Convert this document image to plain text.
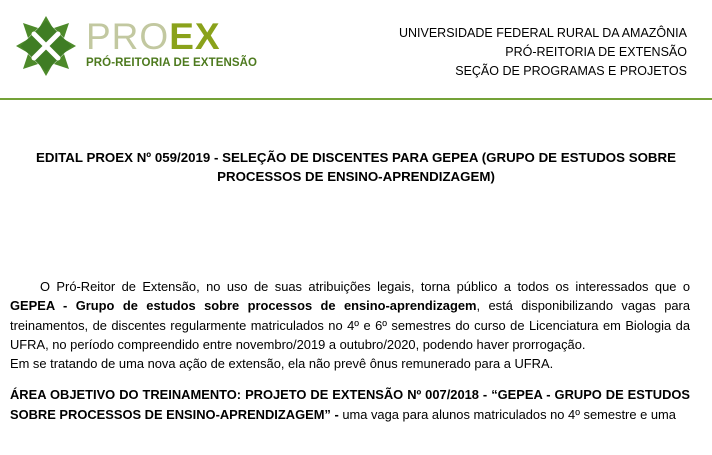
PROEX
PRÓ-REITORIA DE EXTENSÃO
UNIVERSIDADE FEDERAL RURAL DA AMAZÔNIA
PRÓ-REITORIA DE EXTENSÃO
SEÇÃO DE PROGRAMAS E PROJETOS
EDITAL PROEX Nº 059/2019 - SELEÇÃO DE DISCENTES PARA GEPEA (GRUPO DE ESTUDOS SOBRE PROCESSOS DE ENSINO-APRENDIZAGEM)

O Pró-Reitor de Extensão, no uso de suas atribuições legais, torna público a todos os interessados que o GEPEA - Grupo de estudos sobre processos de ensino-aprendizagem, está disponibilizando vagas para treinamentos, de discentes regularmente matriculados no 4º e 6º semestres do curso de Licenciatura em Biologia da UFRA, no período compreendido entre novembro/2019 a outubro/2020, podendo haver prorrogação.

Em se tratando de uma nova ação de extensão, ela não prevê ônus remunerado para a UFRA.

ÁREA OBJETIVO DO TREINAMENTO: PROJETO DE EXTENSÃO Nº 007/2018 - “GEPEA - GRUPO DE ESTUDOS SOBRE PROCESSOS DE ENSINO-APRENDIZAGEM” - uma vaga para alunos matriculados no 4º semestre e uma
